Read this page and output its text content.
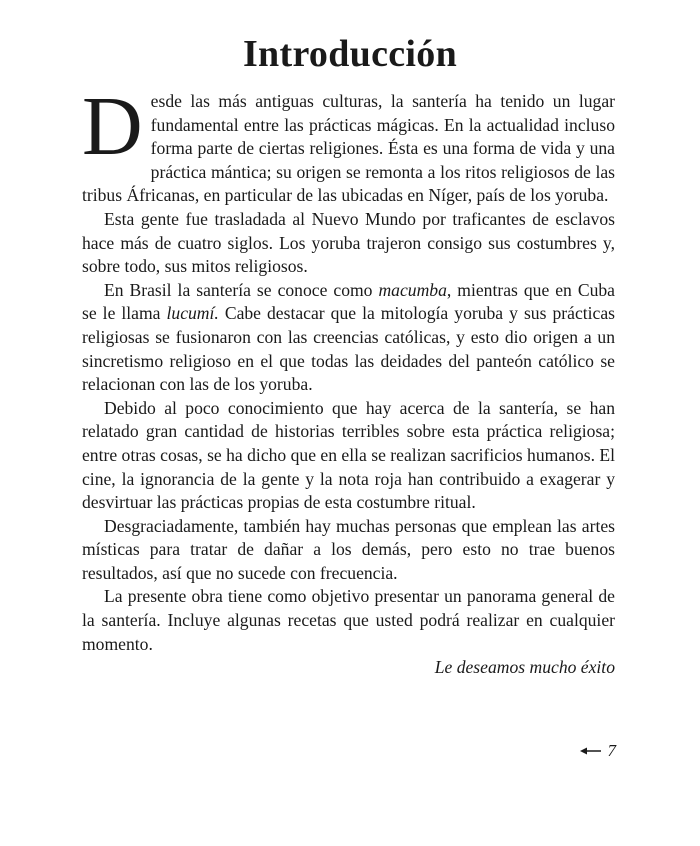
Introducción

Desde las más antiguas culturas, la santería ha tenido un lugar fundamental entre las prácticas mágicas. En la actualidad incluso forma parte de ciertas religiones. Ésta es una forma de vida y una práctica mántica; su origen se remonta a los ritos religiosos de las tribus Áfricanas, en particular de las ubicadas en Níger, país de los yoruba.

Esta gente fue trasladada al Nuevo Mundo por traficantes de esclavos hace más de cuatro siglos. Los yoruba trajeron consigo sus costumbres y, sobre todo, sus mitos religiosos.

En Brasil la santería se conoce como macumba, mientras que en Cuba se le llama lucumí. Cabe destacar que la mitología yoruba y sus prácticas religiosas se fusionaron con las creencias católicas, y esto dio origen a un sincretismo religioso en el que todas las deidades del panteón católico se relacionan con las de los yoruba.

Debido al poco conocimiento que hay acerca de la santería, se han relatado gran cantidad de historias terribles sobre esta práctica religiosa; entre otras cosas, se ha dicho que en ella se realizan sacrificios humanos. El cine, la ignorancia de la gente y la nota roja han contribuido a exagerar y desvirtuar las prácticas propias de esta costumbre ritual.

Desgraciadamente, también hay muchas personas que emplean las artes místicas para tratar de dañar a los demás, pero esto no trae buenos resultados, así que no sucede con frecuencia.

La presente obra tiene como objetivo presentar un panorama general de la santería. Incluye algunas recetas que usted podrá realizar en cualquier momento.

Le deseamos mucho éxito

7
